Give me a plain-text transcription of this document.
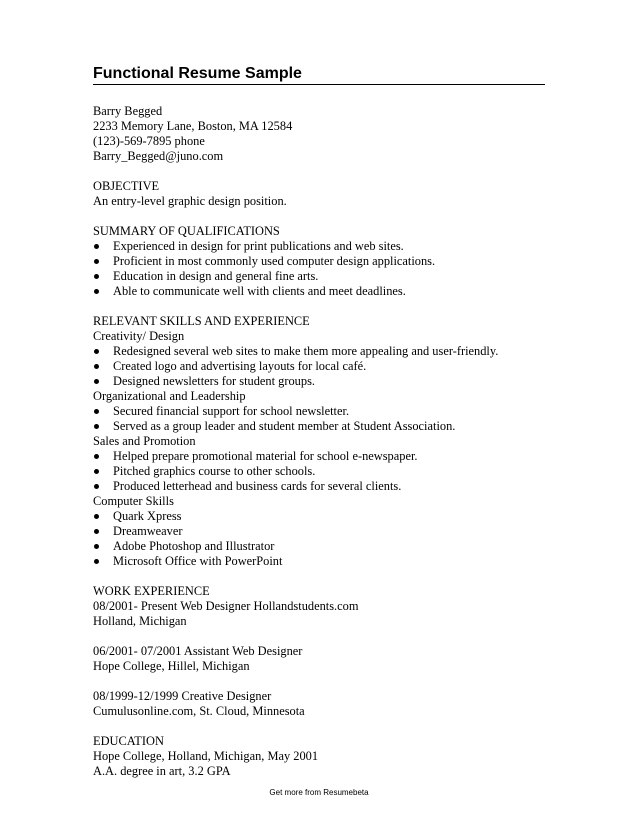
Functional Resume Sample
Barry Begged
2233 Memory Lane, Boston, MA 12584
(123)-569-7895 phone
Barry_Begged@juno.com
OBJECTIVE
An entry-level graphic design position.
SUMMARY OF QUALIFICATIONS
Experienced in design for print publications and web sites.
Proficient in most commonly used computer design applications.
Education in design and general fine arts.
Able to communicate well with clients and meet deadlines.
RELEVANT SKILLS AND EXPERIENCE
Creativity/ Design
Redesigned several web sites to make them more appealing and user-friendly.
Created logo and advertising layouts for local café.
Designed newsletters for student groups.
Organizational and Leadership
Secured financial support for school newsletter.
Served as a group leader and student member at Student Association.
Sales and Promotion
Helped prepare promotional material for school e-newspaper.
Pitched graphics course to other schools.
Produced letterhead and business cards for several clients.
Computer Skills
Quark Xpress
Dreamweaver
Adobe Photoshop and Illustrator
Microsoft Office with PowerPoint
WORK EXPERIENCE
08/2001- Present Web Designer Hollandstudents.com
Holland, Michigan
06/2001- 07/2001 Assistant Web Designer
Hope College, Hillel, Michigan
08/1999-12/1999 Creative Designer
Cumulusonline.com, St. Cloud, Minnesota
EDUCATION
Hope College, Holland, Michigan, May 2001
A.A. degree in art, 3.2 GPA
Get more from Resumebeta
